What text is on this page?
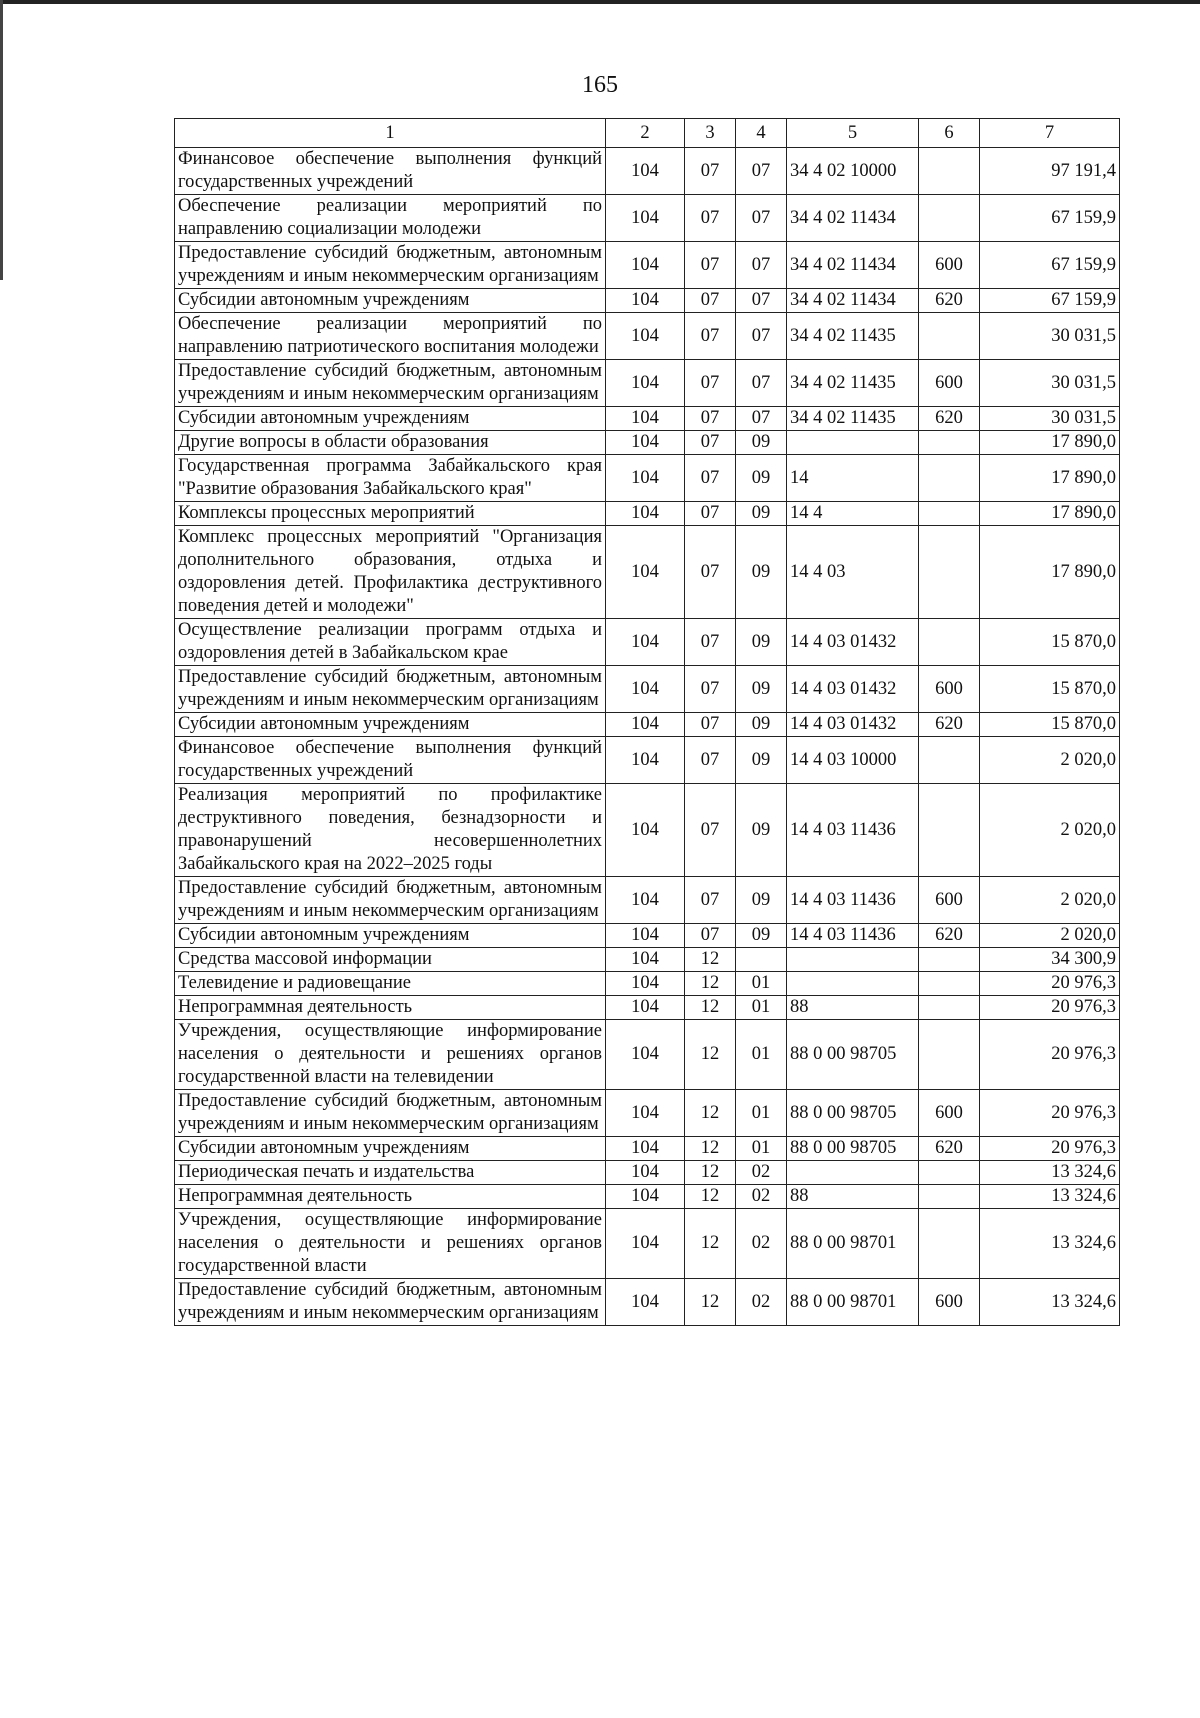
165
1	2	3	4	5	6	7
Финансовое обеспечение выполнения функций государственных учреждений	104	07	07	34 4 02 10000		97 191,4
Обеспечение реализации мероприятий по направлению социализации молодежи	104	07	07	34 4 02 11434		67 159,9
Предоставление субсидий бюджетным, автономным учреждениям и иным некоммерческим организациям	104	07	07	34 4 02 11434	600	67 159,9
Субсидии автономным учреждениям	104	07	07	34 4 02 11434	620	67 159,9
Обеспечение реализации мероприятий по направлению патриотического воспитания молодежи	104	07	07	34 4 02 11435		30 031,5
Предоставление субсидий бюджетным, автономным учреждениям и иным некоммерческим организациям	104	07	07	34 4 02 11435	600	30 031,5
Субсидии автономным учреждениям	104	07	07	34 4 02 11435	620	30 031,5
Другие вопросы в области образования	104	07	09			17 890,0
Государственная программа Забайкальского края "Развитие образования Забайкальского края"	104	07	09	14		17 890,0
Комплексы процессных мероприятий	104	07	09	14 4		17 890,0
Комплекс процессных мероприятий "Организация дополнительного образования, отдыха и оздоровления детей. Профилактика деструктивного поведения детей и молодежи"	104	07	09	14 4 03		17 890,0
Осуществление реализации программ отдыха и оздоровления детей в Забайкальском крае	104	07	09	14 4 03 01432		15 870,0
Предоставление субсидий бюджетным, автономным учреждениям и иным некоммерческим организациям	104	07	09	14 4 03 01432	600	15 870,0
Субсидии автономным учреждениям	104	07	09	14 4 03 01432	620	15 870,0
Финансовое обеспечение выполнения функций государственных учреждений	104	07	09	14 4 03 10000		2 020,0
Реализация мероприятий по профилактике деструктивного поведения, безнадзорности и правонарушений несовершеннолетних Забайкальского края на 2022–2025 годы	104	07	09	14 4 03 11436		2 020,0
Предоставление субсидий бюджетным, автономным учреждениям и иным некоммерческим организациям	104	07	09	14 4 03 11436	600	2 020,0
Субсидии автономным учреждениям	104	07	09	14 4 03 11436	620	2 020,0
Средства массовой информации	104	12				34 300,9
Телевидение и радиовещание	104	12	01			20 976,3
Непрограммная деятельность	104	12	01	88		20 976,3
Учреждения, осуществляющие информирование населения о деятельности и решениях органов государственной власти на телевидении	104	12	01	88 0 00 98705		20 976,3
Предоставление субсидий бюджетным, автономным учреждениям и иным некоммерческим организациям	104	12	01	88 0 00 98705	600	20 976,3
Субсидии автономным учреждениям	104	12	01	88 0 00 98705	620	20 976,3
Периодическая печать и издательства	104	12	02			13 324,6
Непрограммная деятельность	104	12	02	88		13 324,6
Учреждения, осуществляющие информирование населения о деятельности и решениях органов государственной власти	104	12	02	88 0 00 98701		13 324,6
Предоставление субсидий бюджетным, автономным учреждениям и иным некоммерческим организациям	104	12	02	88 0 00 98701	600	13 324,6
